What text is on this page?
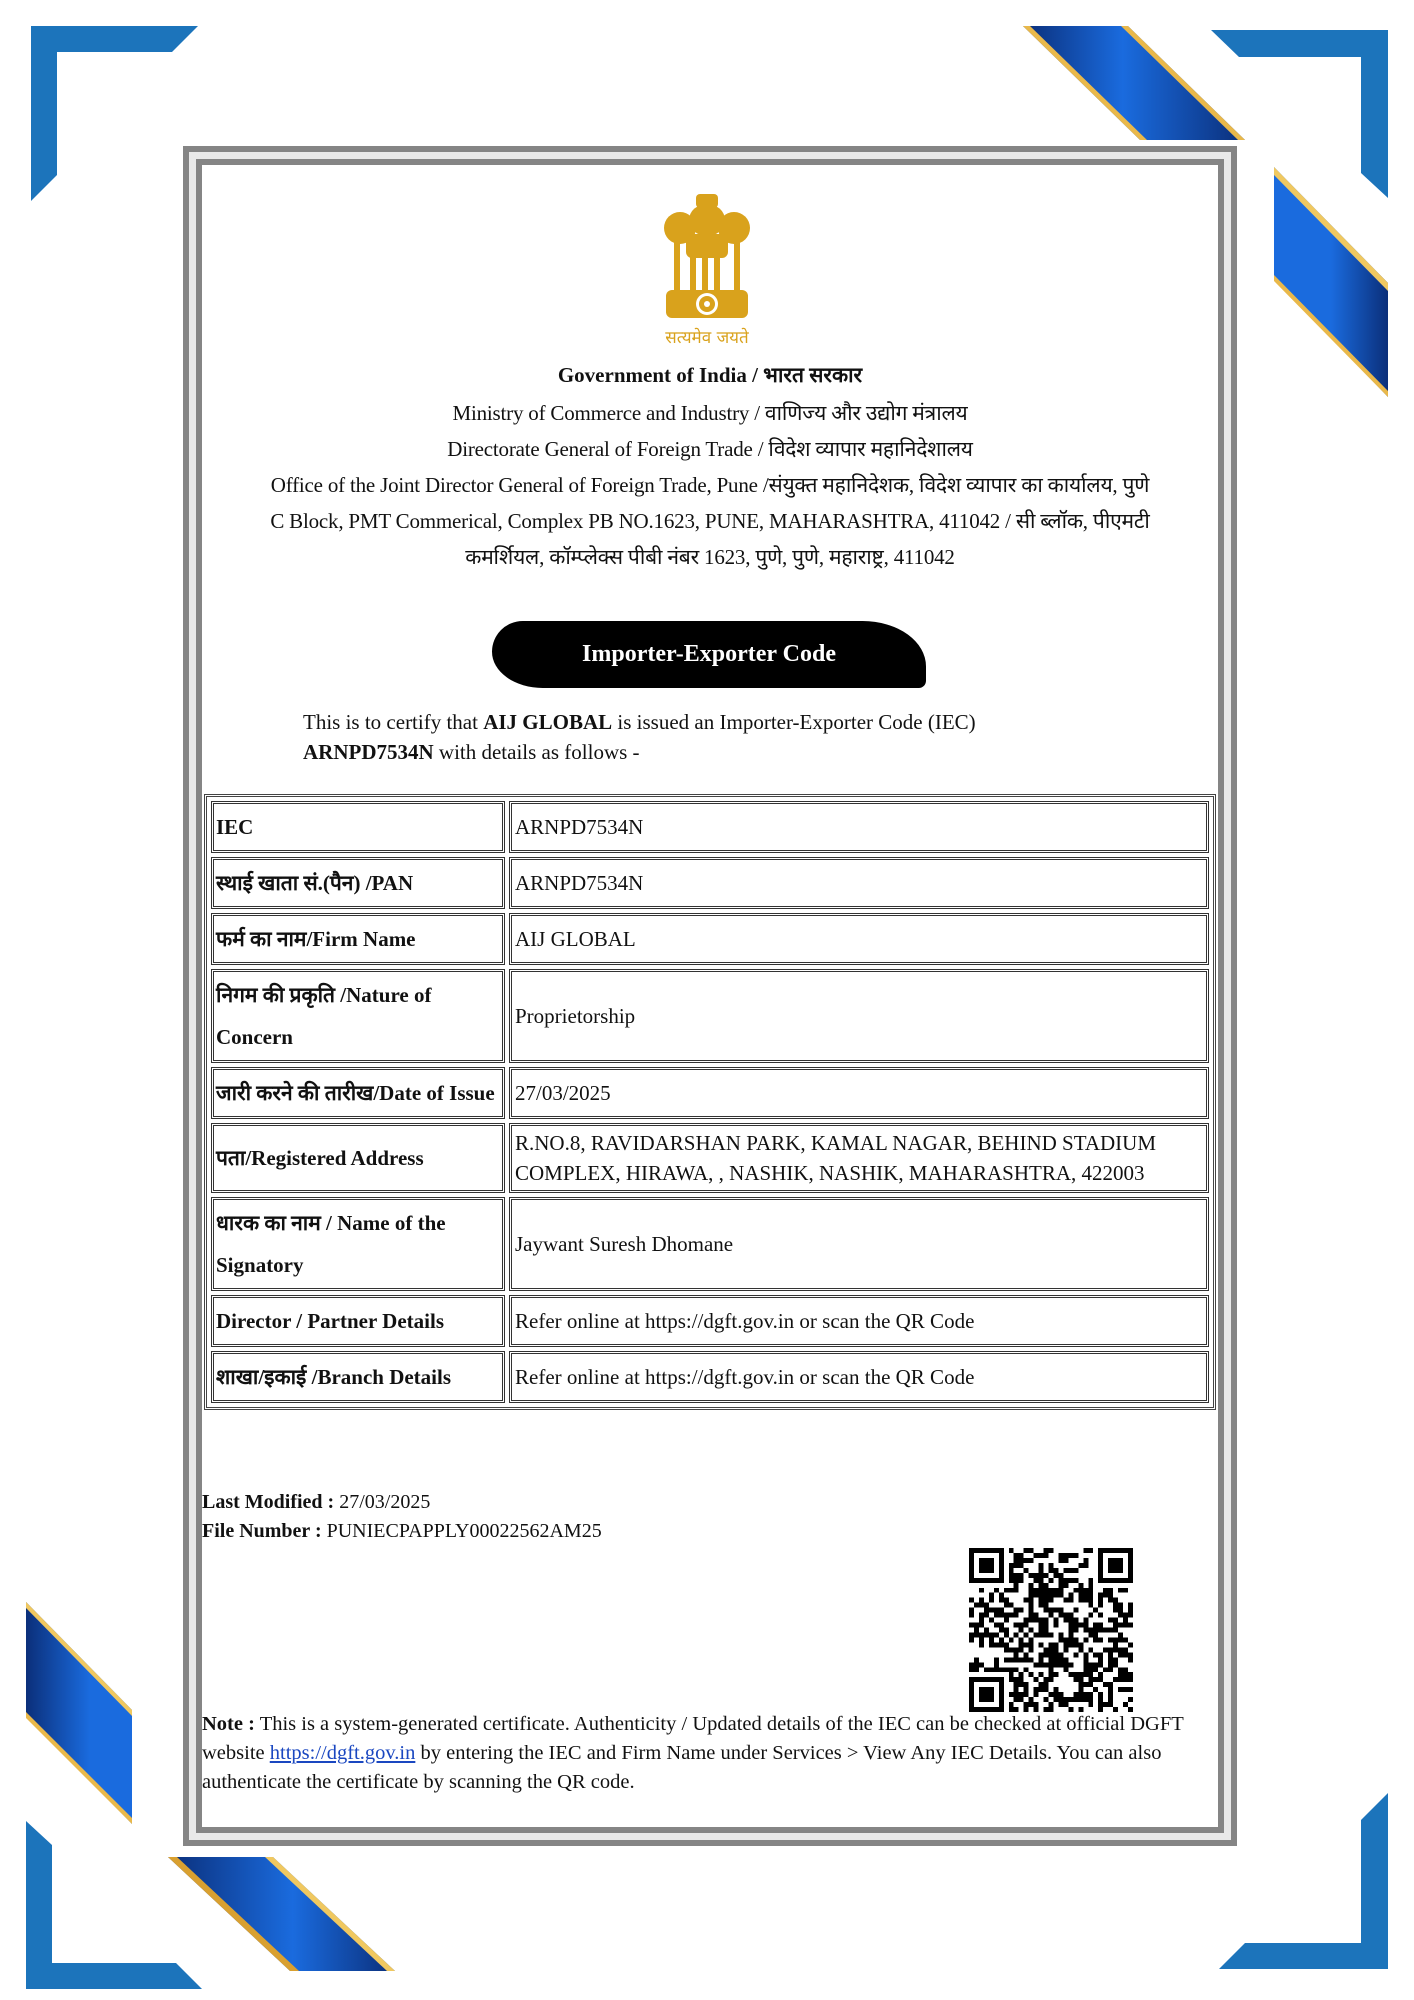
सत्यमेव जयते
Government of India / भारत सरकार
Ministry of Commerce and Industry / वाणिज्य और उद्योग मंत्रालय
Directorate General of Foreign Trade / विदेश व्यापार महानिदेशालय
Office of the Joint Director General of Foreign Trade, Pune /संयुक्त महानिदेशक, विदेश व्यापार का कार्यालय, पुणे
C Block, PMT Commerical, Complex PB NO.1623, PUNE, MAHARASHTRA, 411042 / सी ब्लॉक, पीएमटी
कमर्शियल, कॉम्प्लेक्स पीबी नंबर 1623, पुणे, पुणे, महाराष्ट्र, 411042
Importer-Exporter Code
This is to certify that AIJ GLOBAL is issued an Importer-Exporter Code (IEC)
ARNPD7534N with details as follows -
IEC	ARNPD7534N
स्थाई खाता सं.(पैन) /PAN	ARNPD7534N
फर्म का नाम/Firm Name	AIJ GLOBAL
निगम की प्रकृति /Nature of Concern	Proprietorship
जारी करने की तारीख/Date of Issue	27/03/2025
पता/Registered Address	R.NO.8, RAVIDARSHAN PARK, KAMAL NAGAR, BEHIND STADIUM COMPLEX, HIRAWA, , NASHIK, NASHIK, MAHARASHTRA, 422003
धारक का नाम / Name of the Signatory	Jaywant Suresh Dhomane
Director / Partner Details	Refer online at https://dgft.gov.in or scan the QR Code
शाखा/इकाई /Branch Details	Refer online at https://dgft.gov.in or scan the QR Code
Last Modified : 27/03/2025
File Number : PUNIECPAPPLY00022562AM25
Note : This is a system-generated certificate. Authenticity / Updated details of the IEC can be checked at official DGFT website https://dgft.gov.in by entering the IEC and Firm Name under Services > View Any IEC Details. You can also authenticate the certificate by scanning the QR code.
